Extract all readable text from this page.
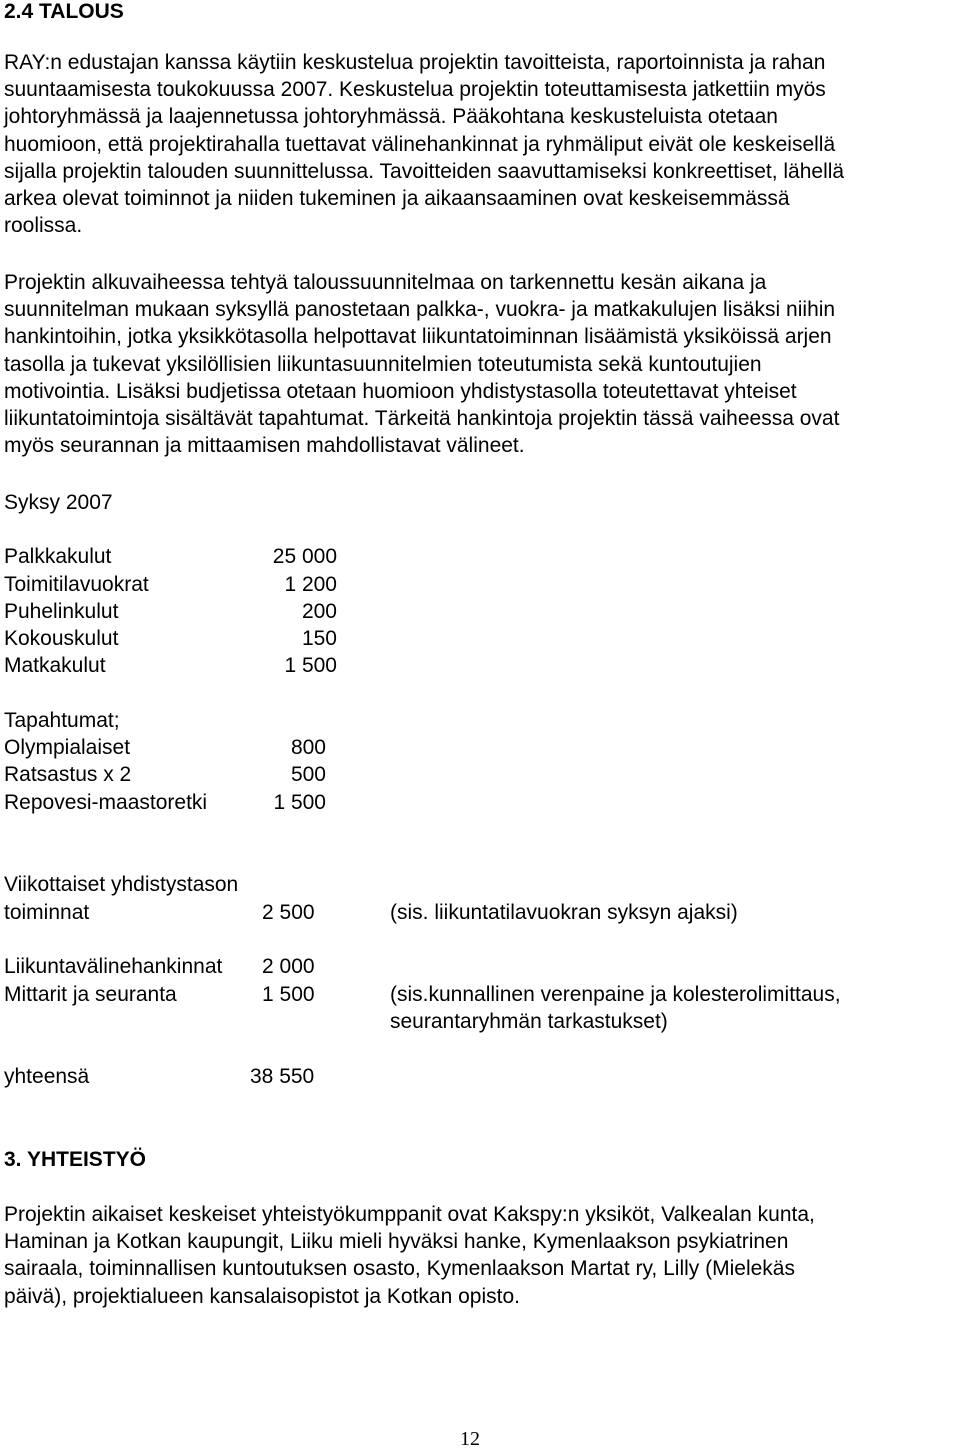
2.4 TALOUS
RAY:n edustajan kanssa käytiin keskustelua projektin tavoitteista, raportoinnista ja rahan
suuntaamisesta toukokuussa 2007. Keskustelua projektin toteuttamisesta jatkettiin myös
johtoryhmässä ja laajennetussa johtoryhmässä. Pääkohtana keskusteluista otetaan
huomioon, että projektirahalla tuettavat välinehankinnat ja ryhmäliput eivät ole keskeisellä
sijalla projektin talouden suunnittelussa. Tavoitteiden saavuttamiseksi konkreettiset, lähellä
arkea olevat toiminnot ja niiden tukeminen ja aikaansaaminen ovat keskeisemmässä
roolissa.
Projektin alkuvaiheessa tehtyä taloussuunnitelmaa on tarkennettu kesän aikana ja
suunnitelman mukaan syksyllä panostetaan palkka-, vuokra- ja matkakulujen lisäksi niihin
hankintoihin, jotka yksikkötasolla helpottavat liikuntatoiminnan lisäämistä yksiköissä arjen
tasolla ja tukevat yksilöllisien liikuntasuunnitelmien toteutumista sekä kuntoutujien
motivointia. Lisäksi budjetissa otetaan huomioon yhdistystasolla toteutettavat yhteiset
liikuntatoimintoja sisältävät tapahtumat. Tärkeitä hankintoja projektin tässä vaiheessa ovat
myös seurannan ja mittaamisen mahdollistavat välineet.
Syksy 2007
Palkkakulut	25 000
Toimitilavuokrat	1 200
Puhelinkulut	200
Kokouskulut	150
Matkakulut	1 500
Tapahtumat;
Olympialaiset	800
Ratsastus x 2	500
Repovesi-maastoretki	1 500
Viikottaiset yhdistystason
toiminnat	2 500	(sis. liikuntatilavuokran syksyn ajaksi)
Liikuntavälinehankinnat 2 000
Mittarit ja seuranta	1 500	(sis.kunnallinen verenpaine ja kolesterolimittaus,
seurantaryhmän tarkastukset)
yhteensä	38 550
3. YHTEISTYÖ
Projektin aikaiset keskeiset yhteistyökumppanit ovat Kakspy:n yksiköt, Valkealan kunta,
Haminan ja Kotkan kaupungit, Liiku mieli hyväksi hanke, Kymenlaakson psykiatrinen
sairaala, toiminnallisen kuntoutuksen osasto, Kymenlaakson Martat ry, Lilly (Mielekäs
päivä), projektialueen kansalaisopistot ja Kotkan opisto.
12
